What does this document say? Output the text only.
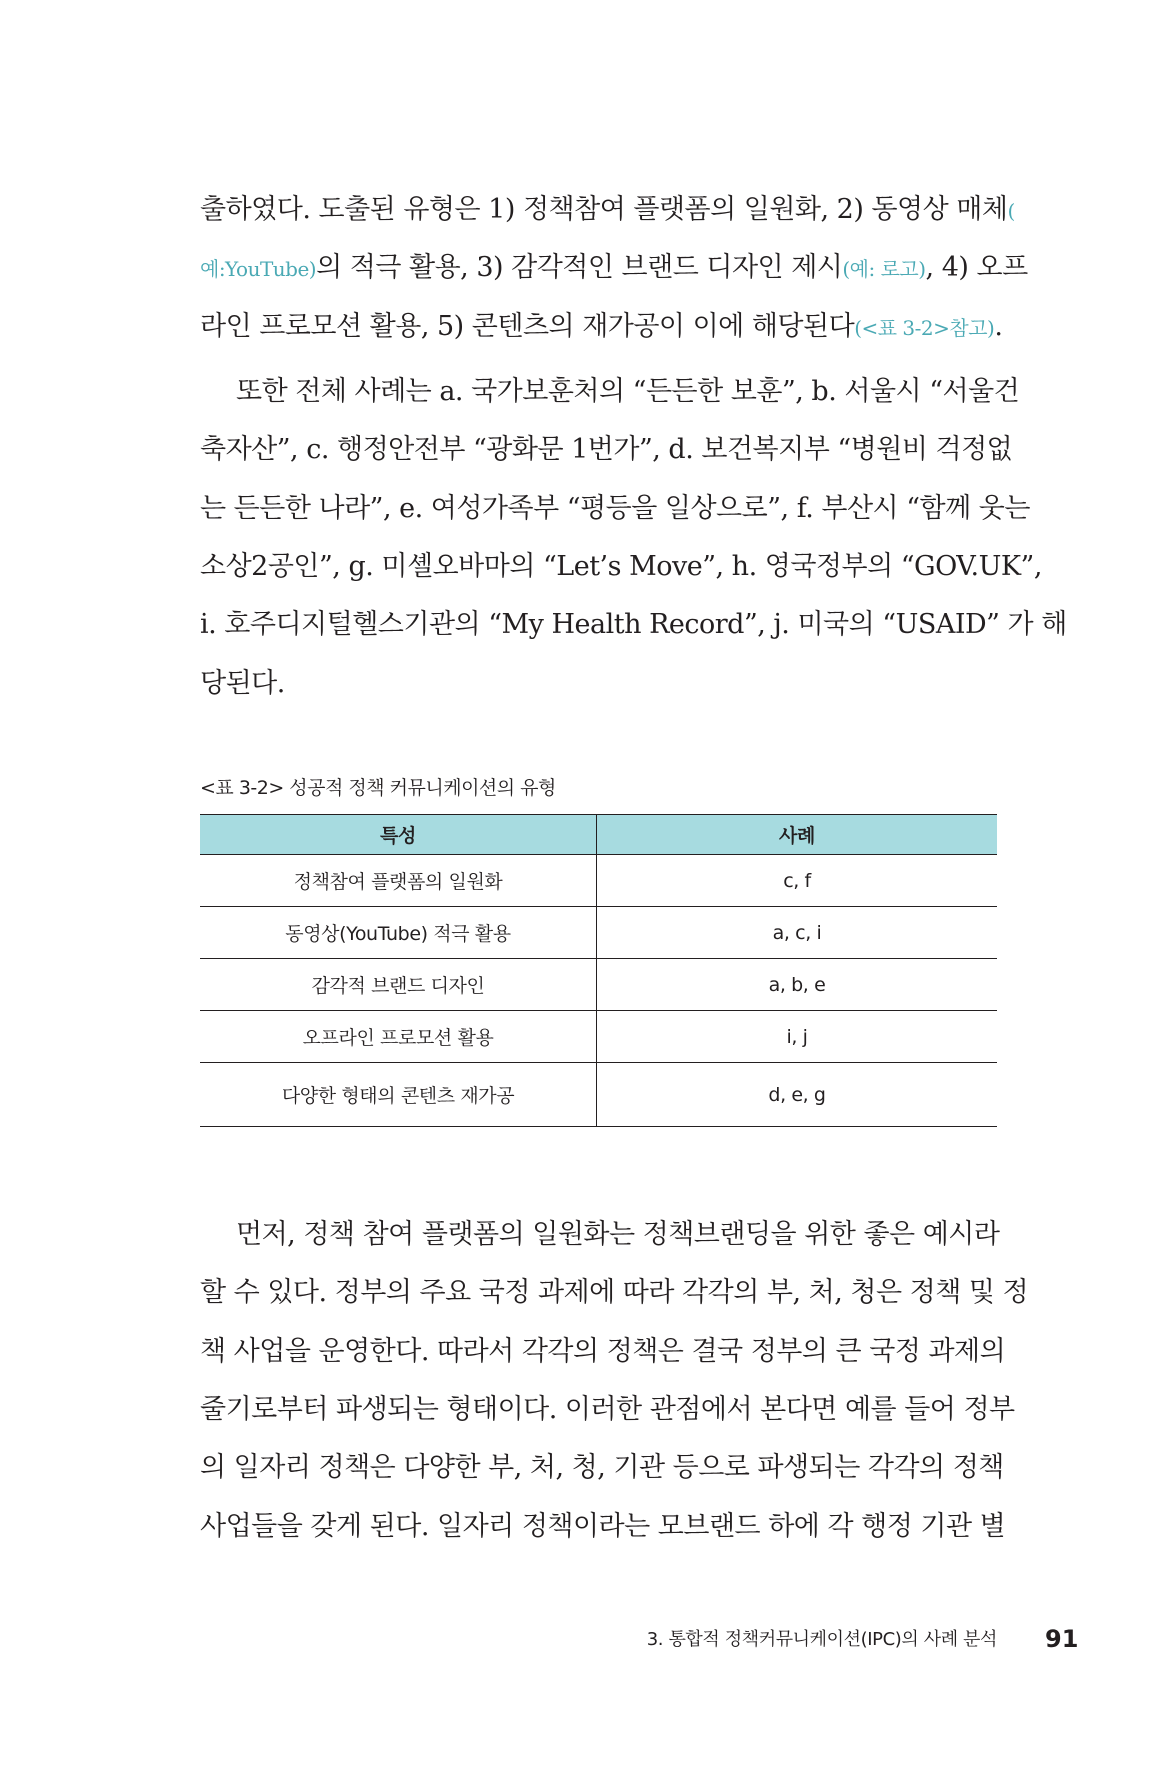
출하였다. 도출된 유형은 1) 정책참여 플랫폼의 일원화, 2) 동영상 매체(
예:YouTube)의 적극 활용, 3) 감각적인 브랜드 디자인 제시(예: 로고), 4) 오프
라인 프로모션 활용, 5) 콘텐츠의 재가공이 이에 해당된다(<표 3-2>참고).
또한 전체 사례는 a. 국가보훈처의 “든든한 보훈”, b. 서울시 “서울건
축자산”, c. 행정안전부 “광화문 1번가”, d. 보건복지부 “병원비 걱정없
는 든든한 나라”, e. 여성가족부 “평등을 일상으로”, f. 부산시 “함께 웃는
소상2공인”, g. 미셸오바마의 “Let’s Move”, h. 영국정부의 “GOV.UK”,
i. 호주디지털헬스기관의 “My Health Record”, j. 미국의 “USAID” 가 해
당된다.
<표 3-2> 성공적 정책 커뮤니케이션의 유형
특성	사례
정책참여 플랫폼의 일원화	c, f
동영상(YouTube) 적극 활용	a, c, i
감각적 브랜드 디자인	a, b, e
오프라인 프로모션 활용	i, j
다양한 형태의 콘텐츠 재가공	d, e, g
먼저, 정책 참여 플랫폼의 일원화는 정책브랜딩을 위한 좋은 예시라
할 수 있다. 정부의 주요 국정 과제에 따라 각각의 부, 처, 청은 정책 및 정
책 사업을 운영한다. 따라서 각각의 정책은 결국 정부의 큰 국정 과제의
줄기로부터 파생되는 형태이다. 이러한 관점에서 본다면 예를 들어 정부
의 일자리 정책은 다양한 부, 처, 청, 기관 등으로 파생되는 각각의 정책
사업들을 갖게 된다. 일자리 정책이라는 모브랜드 하에 각 행정 기관 별
3. 통합적 정책커뮤니케이션(IPC)의 사례 분석 91
